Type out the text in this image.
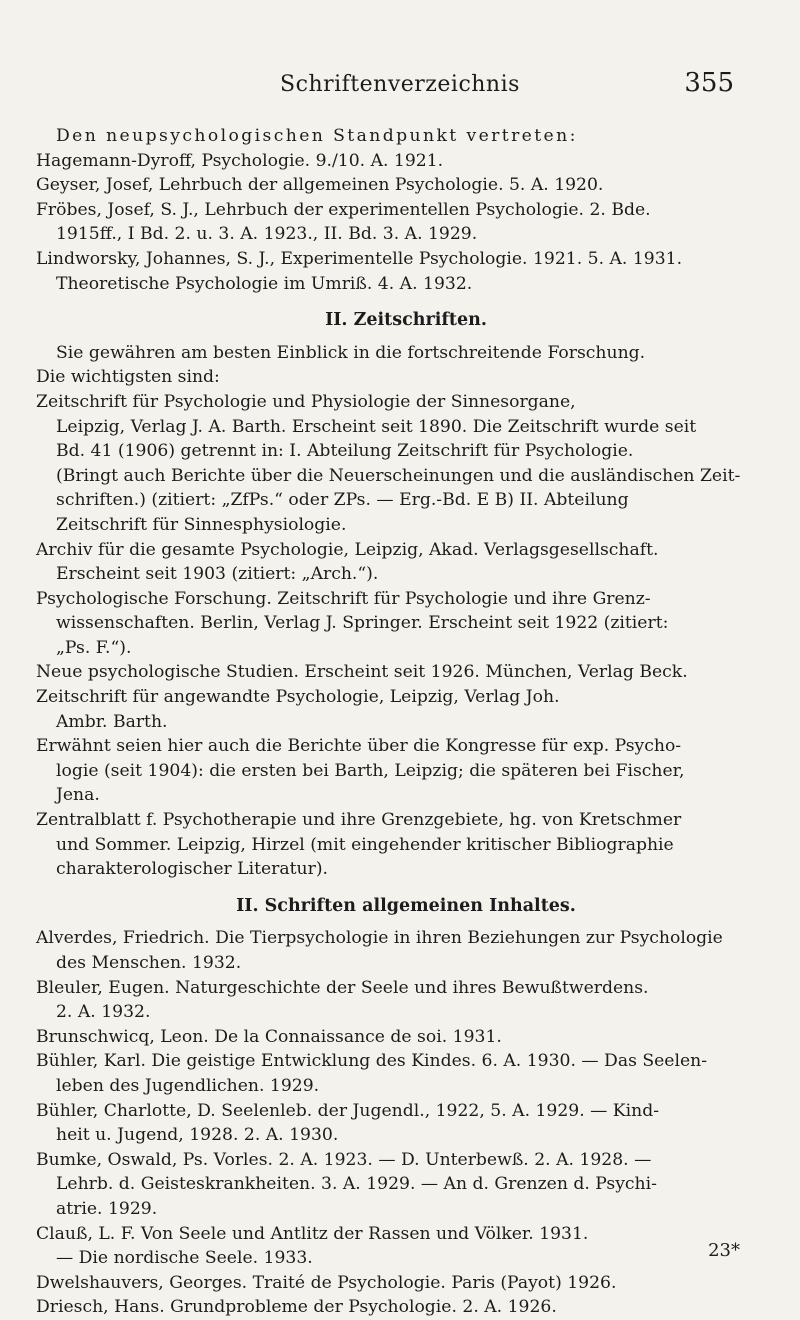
Schriftenverzeichnis	355
Den neupsychologischen Standpunkt vertreten:
Hagemann-Dyroff, Psychologie. 9./10. A. 1921.
Geyser, Josef, Lehrbuch der allgemeinen Psychologie. 5. A. 1920.
Fröbes, Josef, S. J., Lehrbuch der experimentellen Psychologie. 2. Bde.
1915ff., I Bd. 2. u. 3. A. 1923., II. Bd. 3. A. 1929.
Lindworsky, Johannes, S. J., Experimentelle Psychologie. 1921. 5. A. 1931.
Theoretische Psychologie im Umriß. 4. A. 1932.
II. Zeitschriften.
Sie gewähren am besten Einblick in die fortschreitende Forschung.
Die wichtigsten sind:
Zeitschrift für Psychologie und Physiologie der Sinnesorgane,
Leipzig, Verlag J. A. Barth. Erscheint seit 1890. Die Zeitschrift wurde seit
Bd. 41 (1906) getrennt in: I. Abteilung Zeitschrift für Psychologie.
(Bringt auch Berichte über die Neuerscheinungen und die ausländischen Zeit-
schriften.) (zitiert: „ZfPs.“ oder ZPs. — Erg.-Bd. E B) II. Abteilung
Zeitschrift für Sinnesphysiologie.
Archiv für die gesamte Psychologie, Leipzig, Akad. Verlagsgesellschaft.
Erscheint seit 1903 (zitiert: „Arch.“).
Psychologische Forschung. Zeitschrift für Psychologie und ihre Grenz-
wissenschaften. Berlin, Verlag J. Springer. Erscheint seit 1922 (zitiert:
„Ps. F.“).
Neue psychologische Studien. Erscheint seit 1926. München, Verlag Beck.
Zeitschrift für angewandte Psychologie, Leipzig, Verlag Joh.
Ambr. Barth.
Erwähnt seien hier auch die Berichte über die Kongresse für exp. Psycho-
logie (seit 1904): die ersten bei Barth, Leipzig; die späteren bei Fischer,
Jena.
Zentralblatt f. Psychotherapie und ihre Grenzgebiete, hg. von Kretschmer
und Sommer. Leipzig, Hirzel (mit eingehender kritischer Bibliographie
charakterologischer Literatur).
II. Schriften allgemeinen Inhaltes.
Alverdes, Friedrich. Die Tierpsychologie in ihren Beziehungen zur Psychologie
des Menschen. 1932.
Bleuler, Eugen. Naturgeschichte der Seele und ihres Bewußtwerdens.
2. A. 1932.
Brunschwicq, Leon. De la Connaissance de soi. 1931.
Bühler, Karl. Die geistige Entwicklung des Kindes. 6. A. 1930. — Das Seelen-
leben des Jugendlichen. 1929.
Bühler, Charlotte, D. Seelenleb. der Jugendl., 1922, 5. A. 1929. — Kind-
heit u. Jugend, 1928. 2. A. 1930.
Bumke, Oswald, Ps. Vorles. 2. A. 1923. — D. Unterbewß. 2. A. 1928. —
Lehrb. d. Geisteskrankheiten. 3. A. 1929. — An d. Grenzen d. Psychi-
atrie. 1929.
Clauß, L. F. Von Seele und Antlitz der Rassen und Völker. 1931.
— Die nordische Seele. 1933.
Dwelshauvers, Georges. Traité de Psychologie. Paris (Payot) 1926.
Driesch, Hans. Grundprobleme der Psychologie. 2. A. 1926.
23*
